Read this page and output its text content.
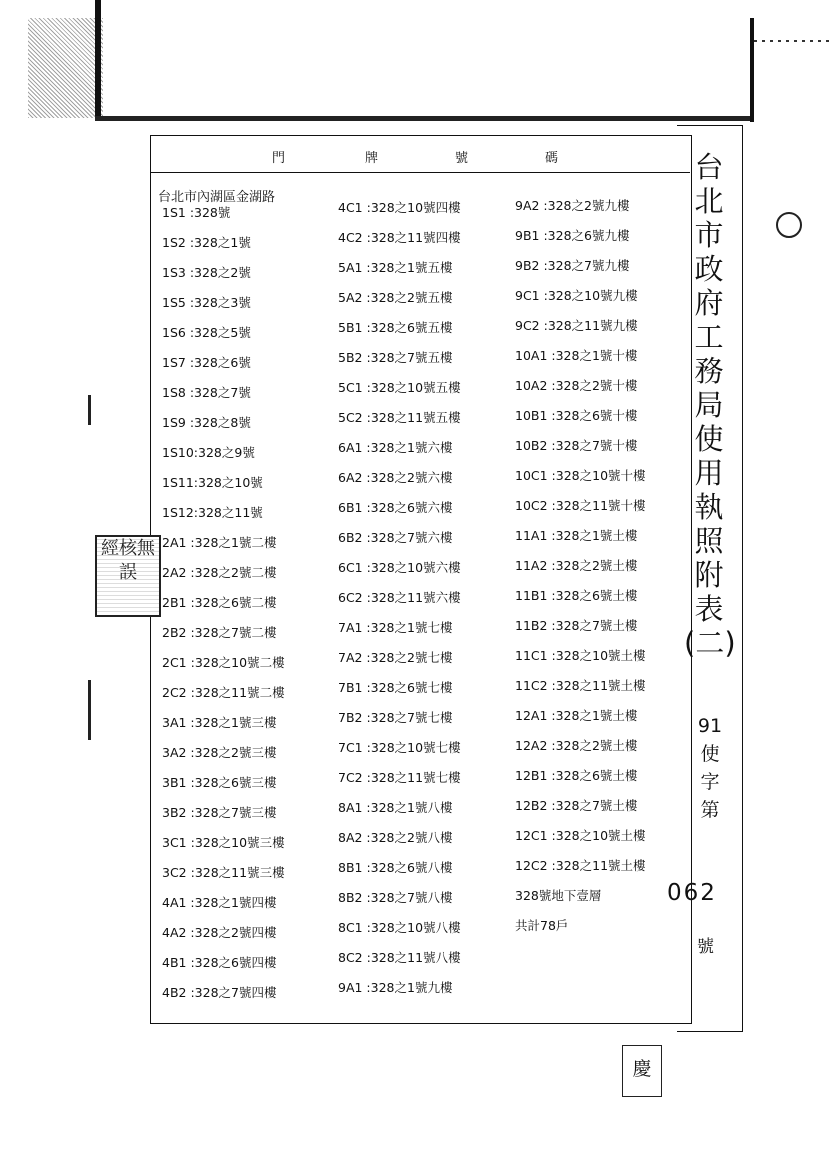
門	牌	號	碼
台北市內湖區金湖路
1S1 :328號
1S2 :328之1號
1S3 :328之2號
1S5 :328之3號
1S6 :328之5號
1S7 :328之6號
1S8 :328之7號
1S9 :328之8號
1S10:328之9號
1S11:328之10號
1S12:328之11號
2A1 :328之1號二樓
2A2 :328之2號二樓
2B1 :328之6號二樓
2B2 :328之7號二樓
2C1 :328之10號二樓
2C2 :328之11號二樓
3A1 :328之1號三樓
3A2 :328之2號三樓
3B1 :328之6號三樓
3B2 :328之7號三樓
3C1 :328之10號三樓
3C2 :328之11號三樓
4A1 :328之1號四樓
4A2 :328之2號四樓
4B1 :328之6號四樓
4B2 :328之7號四樓
4C1 :328之10號四樓
4C2 :328之11號四樓
5A1 :328之1號五樓
5A2 :328之2號五樓
5B1 :328之6號五樓
5B2 :328之7號五樓
5C1 :328之10號五樓
5C2 :328之11號五樓
6A1 :328之1號六樓
6A2 :328之2號六樓
6B1 :328之6號六樓
6B2 :328之7號六樓
6C1 :328之10號六樓
6C2 :328之11號六樓
7A1 :328之1號七樓
7A2 :328之2號七樓
7B1 :328之6號七樓
7B2 :328之7號七樓
7C1 :328之10號七樓
7C2 :328之11號七樓
8A1 :328之1號八樓
8A2 :328之2號八樓
8B1 :328之6號八樓
8B2 :328之7號八樓
8C1 :328之10號八樓
8C2 :328之11號八樓
9A1 :328之1號九樓
9A2 :328之2號九樓
9B1 :328之6號九樓
9B2 :328之7號九樓
9C1 :328之10號九樓
9C2 :328之11號九樓
10A1 :328之1號十樓
10A2 :328之2號十樓
10B1 :328之6號十樓
10B2 :328之7號十樓
10C1 :328之10號十樓
10C2 :328之11號十樓
11A1 :328之1號土樓
11A2 :328之2號土樓
11B1 :328之6號土樓
11B2 :328之7號土樓
11C1 :328之10號土樓
11C2 :328之11號土樓
12A1 :328之1號土樓
12A2 :328之2號土樓
12B1 :328之6號土樓
12B2 :328之7號土樓
12C1 :328之10號土樓
12C2 :328之11號土樓
328號地下壹層
共計78戶
台北市政府工務局使用執照附表(二)
91
使
字
第
062
號
經核無誤
慶
